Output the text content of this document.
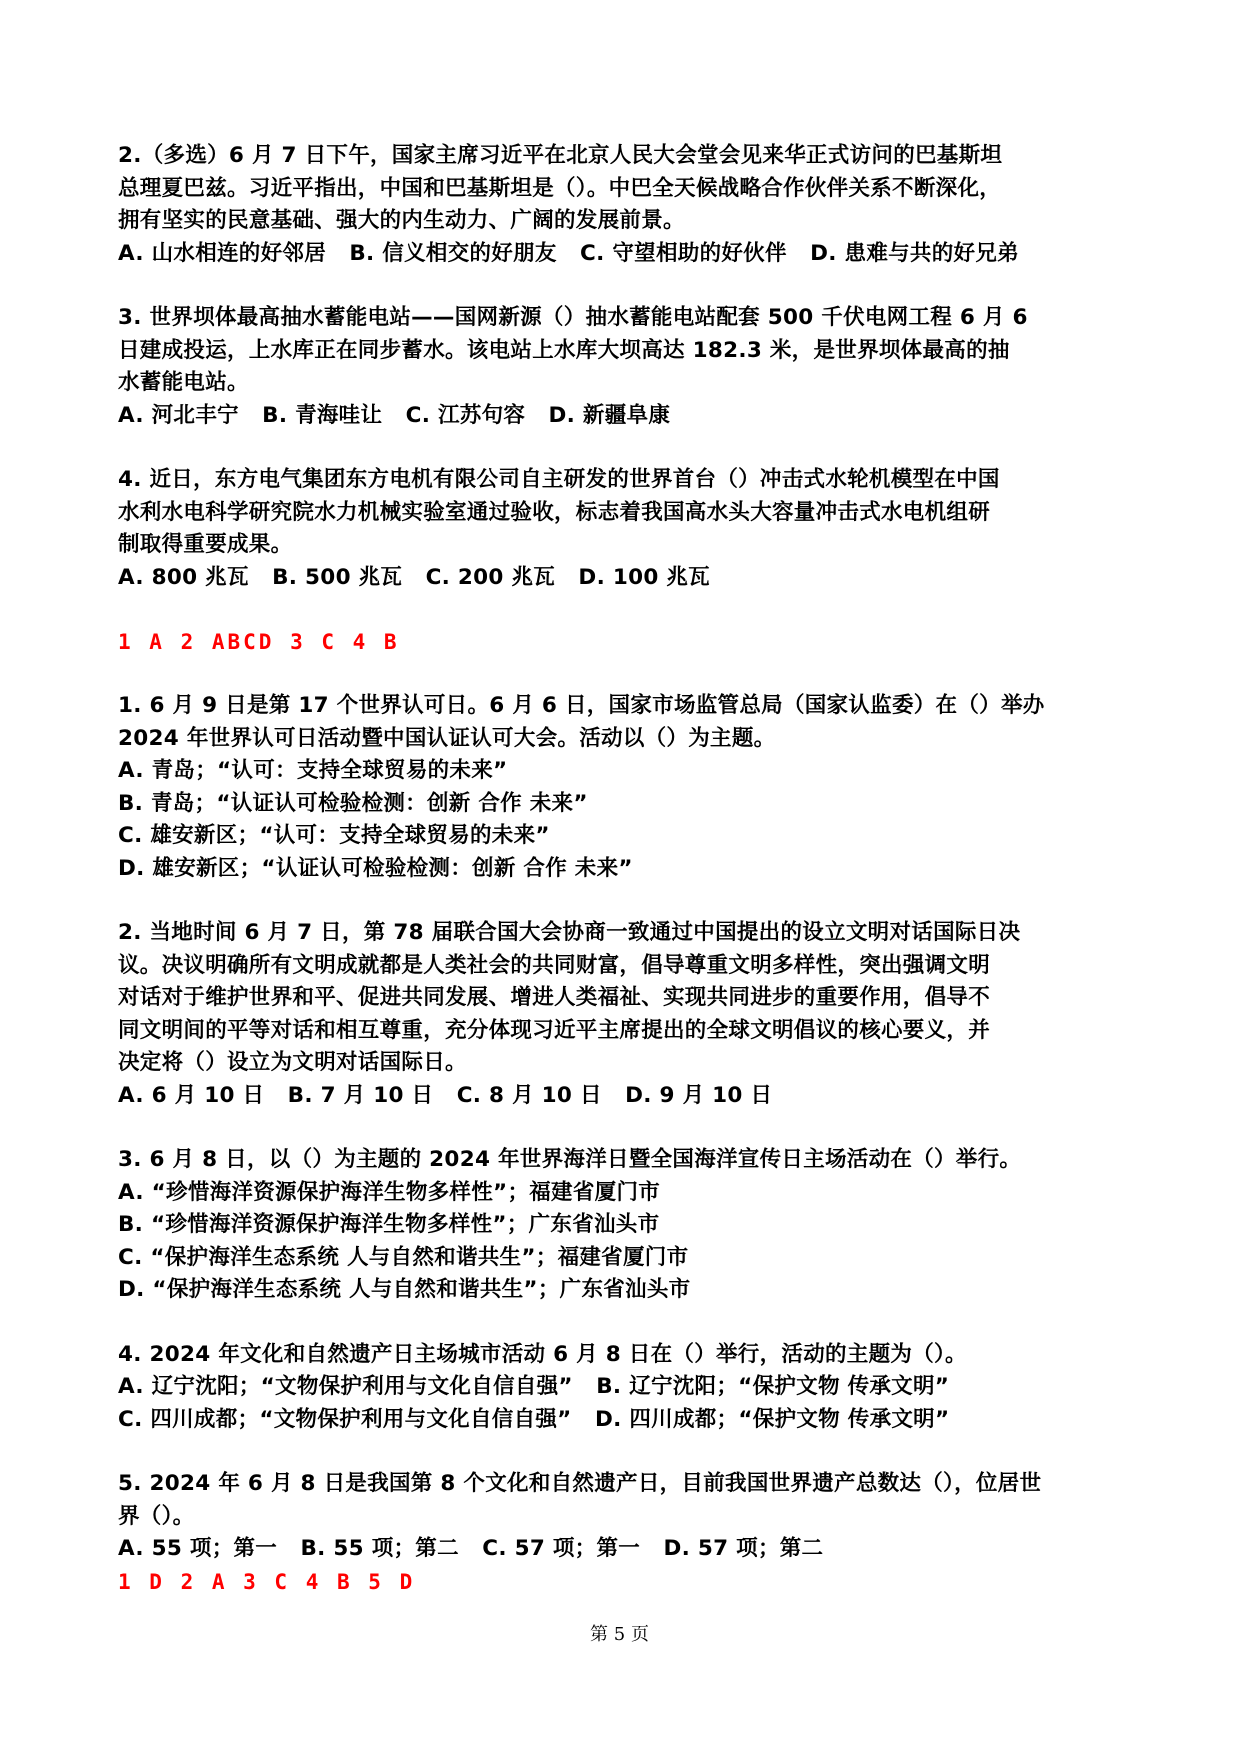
2.（多选）6 月 7 日下午，国家主席习近平在北京人民大会堂会见来华正式访问的巴基斯坦

总理夏巴兹。习近平指出，中国和巴基斯坦是（）。中巴全天候战略合作伙伴关系不断深化，

拥有坚实的民意基础、强大的内生动力、广阔的发展前景。

A. 山水相连的好邻居   B. 信义相交的好朋友   C. 守望相助的好伙伴   D. 患难与共的好兄弟

3. 世界坝体最高抽水蓄能电站——国网新源（）抽水蓄能电站配套 500 千伏电网工程 6 月 6

日建成投运，上水库正在同步蓄水。该电站上水库大坝高达 182.3 米，是世界坝体最高的抽

水蓄能电站。

A. 河北丰宁   B. 青海哇让   C. 江苏句容   D. 新疆阜康

4. 近日，东方电气集团东方电机有限公司自主研发的世界首台（）冲击式水轮机模型在中国

水利水电科学研究院水力机械实验室通过验收，标志着我国高水头大容量冲击式水电机组研

制取得重要成果。

A. 800 兆瓦   B. 500 兆瓦   C. 200 兆瓦   D. 100 兆瓦

1 A 2 ABCD 3 C 4 B

1. 6 月 9 日是第 17 个世界认可日。6 月 6 日，国家市场监管总局（国家认监委）在（）举办

2024 年世界认可日活动暨中国认证认可大会。活动以（）为主题。

A. 青岛；“认可：支持全球贸易的未来”

B. 青岛；“认证认可检验检测：创新 合作 未来”

C. 雄安新区；“认可：支持全球贸易的未来”

D. 雄安新区；“认证认可检验检测：创新 合作 未来”

2. 当地时间 6 月 7 日，第 78 届联合国大会协商一致通过中国提出的设立文明对话国际日决

议。决议明确所有文明成就都是人类社会的共同财富，倡导尊重文明多样性，突出强调文明

对话对于维护世界和平、促进共同发展、增进人类福祉、实现共同进步的重要作用，倡导不

同文明间的平等对话和相互尊重，充分体现习近平主席提出的全球文明倡议的核心要义，并

决定将（）设立为文明对话国际日。

A. 6 月 10 日   B. 7 月 10 日   C. 8 月 10 日   D. 9 月 10 日

3. 6 月 8 日，以（）为主题的 2024 年世界海洋日暨全国海洋宣传日主场活动在（）举行。

A. “珍惜海洋资源保护海洋生物多样性”；福建省厦门市

B. “珍惜海洋资源保护海洋生物多样性”；广东省汕头市

C. “保护海洋生态系统 人与自然和谐共生”；福建省厦门市

D. “保护海洋生态系统 人与自然和谐共生”；广东省汕头市

4. 2024 年文化和自然遗产日主场城市活动 6 月 8 日在（）举行，活动的主题为（）。

A. 辽宁沈阳；“文物保护利用与文化自信自强”   B. 辽宁沈阳；“保护文物 传承文明”

C. 四川成都；“文物保护利用与文化自信自强”   D. 四川成都；“保护文物 传承文明”

5. 2024 年 6 月 8 日是我国第 8 个文化和自然遗产日，目前我国世界遗产总数达（），位居世

界（）。

A. 55 项；第一   B. 55 项；第二   C. 57 项；第一   D. 57 项；第二

1 D 2 A 3 C 4 B 5 D
第 5 页
